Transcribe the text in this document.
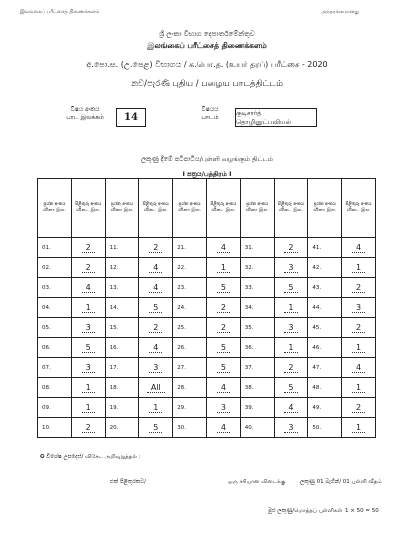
இலங்கைப் பரீட்சைத் திணைக்களம்	அந்தரங்கமானது
ශ්‍රී ලංකා විභාග දෙපාර්තමේන්තුව
இலங்கைப் பரீட்சைத் திணைக்களம்
අ.පො.ස. (උ.පෙළ) විභාගය / க.பொ.த. (உயர் தரப்) பரீட்சை - 2020
නව/පැරණි புதிய / பழைய பாடத்திட்டம்
විෂය අංකය
பாட இலக்கம்	14
විෂයය
பாடம்
குடிசார்த் தொழினுட்பவியல்
ලකුණු දීමේ පටිපාටිය/புள்ளி வழங்கும் திட்டம்
I පත්‍රය/பத்திரம் I
ප්‍රශ්න අංකය வினா இல.	පිළිතුරු අංකය விடை இல.	ප්‍රශ්න අංකය வினா இல.	පිළිතුරු අංකය விடை இல.	ප්‍රශ්න අංකය வினா இல.	පිළිතුරු අංකය விடை இல.	ප්‍රශ්න අංකය வினா இல.	පිළිතුරු අංකය விடை இல.	ප්‍රශ්න අංකය வினா இல.	පිළිතුරු අංකය விடை இல.
01.	2	11.	2	21.	4	31.	2	41.	4
02.	2	12.	4	22.	1	32.	3	42.	1
03.	4	13.	4	23.	5	33.	5	43.	2
04.	1	14.	5	24.	2	34.	1	44.	3
05.	3	15.	2	25.	2	35.	3	45.	2
06.	5	16.	4	26.	5	36.	1	46.	1
07.	3	17.	3	27.	5	37.	2	47.	4
08.	1	18.	All	28.	4	38.	5	48.	1
09.	1	19.	1	29.	3	39.	4	49.	2
10.	2	20.	5	30.	4	40.	3	50.	1
✪ විශේෂ උපදෙස්/ விசேட அறிவுறுத்தல் :
එක් පිළිතුරකට/	ஒரு சரியான விடைக்கு	ලකුණු 01 බැගින්/ 01 புள்ளி வீதம்
මුළු ලකුණු/மொத்தப் புள்ளிகள் 1 × 50 = 50
